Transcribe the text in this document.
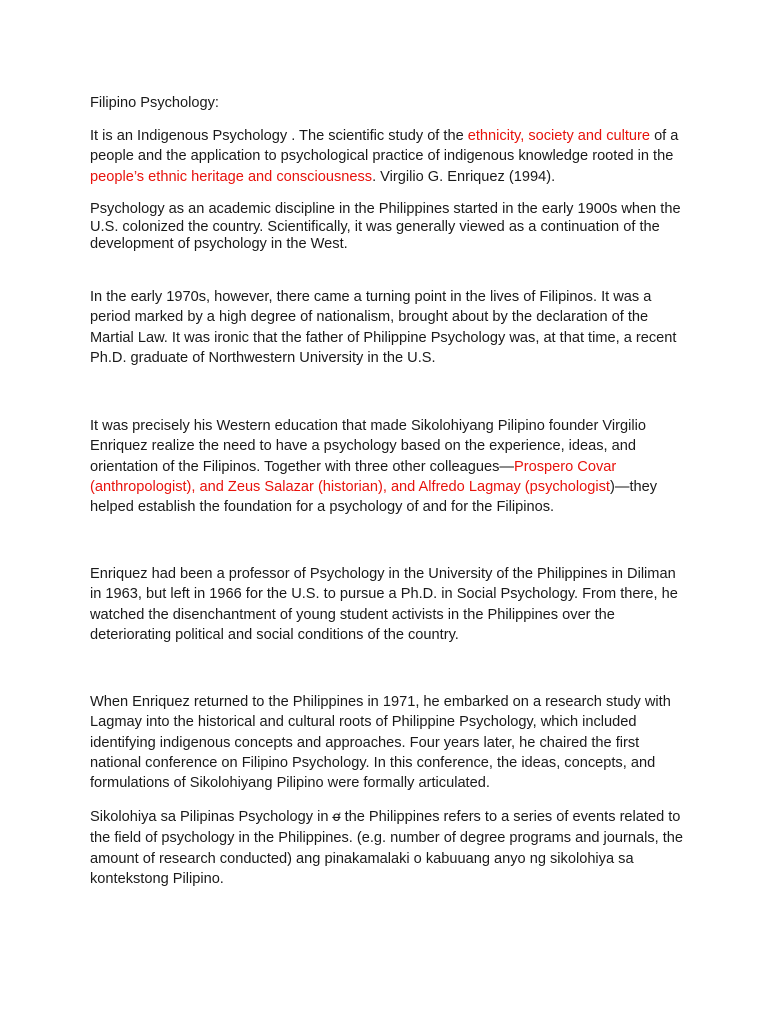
Filipino Psychology:

It is an Indigenous Psychology . The scientific study of the ethnicity, society and culture of a people and the application to psychological practice of indigenous knowledge rooted in the people’s ethnic heritage and consciousness. Virgilio G. Enriquez (1994).

Psychology as an academic discipline in the Philippines started in the early 1900s when the U.S. colonized the country. Scientifically, it was generally viewed as a continuation of the development of psychology in the West.

In the early 1970s, however, there came a turning point in the lives of Filipinos. It was a period marked by a high degree of nationalism, brought about by the declaration of the Martial Law. It was ironic that the father of Philippine Psychology was, at that time, a recent Ph.D. graduate of Northwestern University in the U.S.

It was precisely his Western education that made Sikolohiyang Pilipino founder Virgilio Enriquez realize the need to have a psychology based on the experience, ideas, and orientation of the Filipinos. Together with three other colleagues—Prospero Covar (anthropologist), and Zeus Salazar (historian), and Alfredo Lagmay (psychologist)—they helped establish the foundation for a psychology of and for the Filipinos.

Enriquez had been a professor of Psychology in the University of the Philippines in Diliman in 1963, but left in 1966 for the U.S. to pursue a Ph.D. in Social Psychology. From there, he watched the disenchantment of young student activists in the Philippines over the deteriorating political and social conditions of the country.

When Enriquez returned to the Philippines in 1971, he embarked on a research study with Lagmay into the historical and cultural roots of Philippine Psychology, which included identifying indigenous concepts and approaches. Four years later, he chaired the first national conference on Filipino Psychology. In this conference, the ideas, concepts, and formulations of Sikolohiyang Pilipino were formally articulated.

Sikolohiya sa Pilipinas Psychology in ơ̶ the Philippines refers to a series of events related to the field of psychology in the Philippines. (e.g. number of degree programs and journals, the amount of research conducted) ang pinakamalaki o kabuuang anyo ng sikolohiya sa kontekstong Pilipino.
